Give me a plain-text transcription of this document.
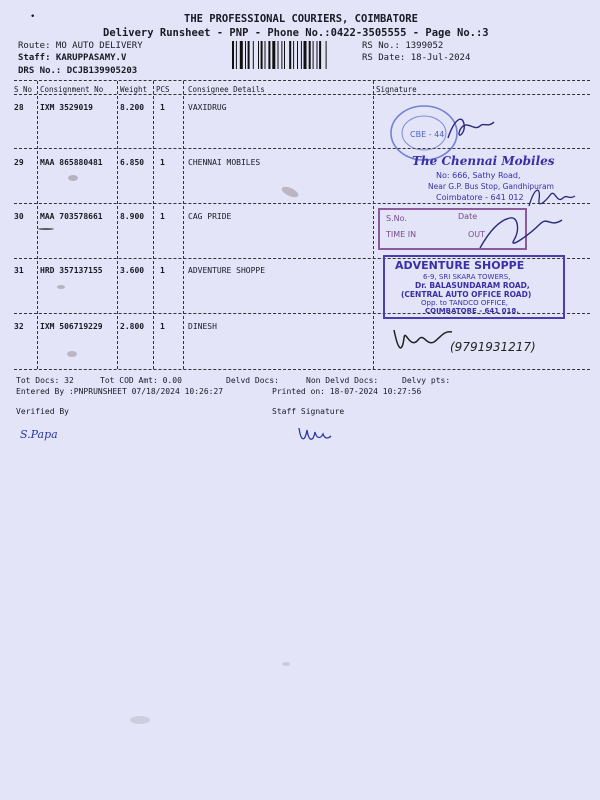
•	THE PROFESSIONAL COURIERS, COIMBATORE
Delivery Runsheet - PNP - Phone No.:0422-3505555 - Page No.:3
Route: MO AUTO DELIVERY
Staff: KARUPPASAMY.V
DRS No.: DCJB139905203
RS No.: 1399052
RS Date: 18-Jul-2024
S No Consignment No Weight PCS Consignee Details	Signature
28 IXM 3529019	8.200 1	VAXIDRUG
29 MAA 865880481 6.850 1	CHENNAI MOBILES
30 MAA 703578661 8.900 1	CAG PRIDE
31 HRD 357137155 3.600 1	ADVENTURE SHOPPE
32 IXM 506719229 2.800 1	DINESH
CBE - 44
The Chennai Mobiles
No: 666, Sathy Road,
Near G.P. Bus Stop, Gandhipuram
Coimbatore - 641 012
S.No.	Date
TIME IN	OUT
ADVENTURE SHOPPE
6-9, SRI SKARA TOWERS,
Dr. BALASUNDARAM ROAD,
(CENTRAL AUTO OFFICE ROAD)
Opp. to TANDCO OFFICE,
COIMBATORE - 641 018.
(9791931217)
Tot Docs: 32	Tot COD Amt: 0.00	Delvd Docs:	Non Delvd Docs:	Delvy pts:
Entered By :PNPRUNSHEET 07/18/2024 10:26:27	Printed on: 18-07-2024 10:27:56
Verified By	Staff Signature
S.Papa
